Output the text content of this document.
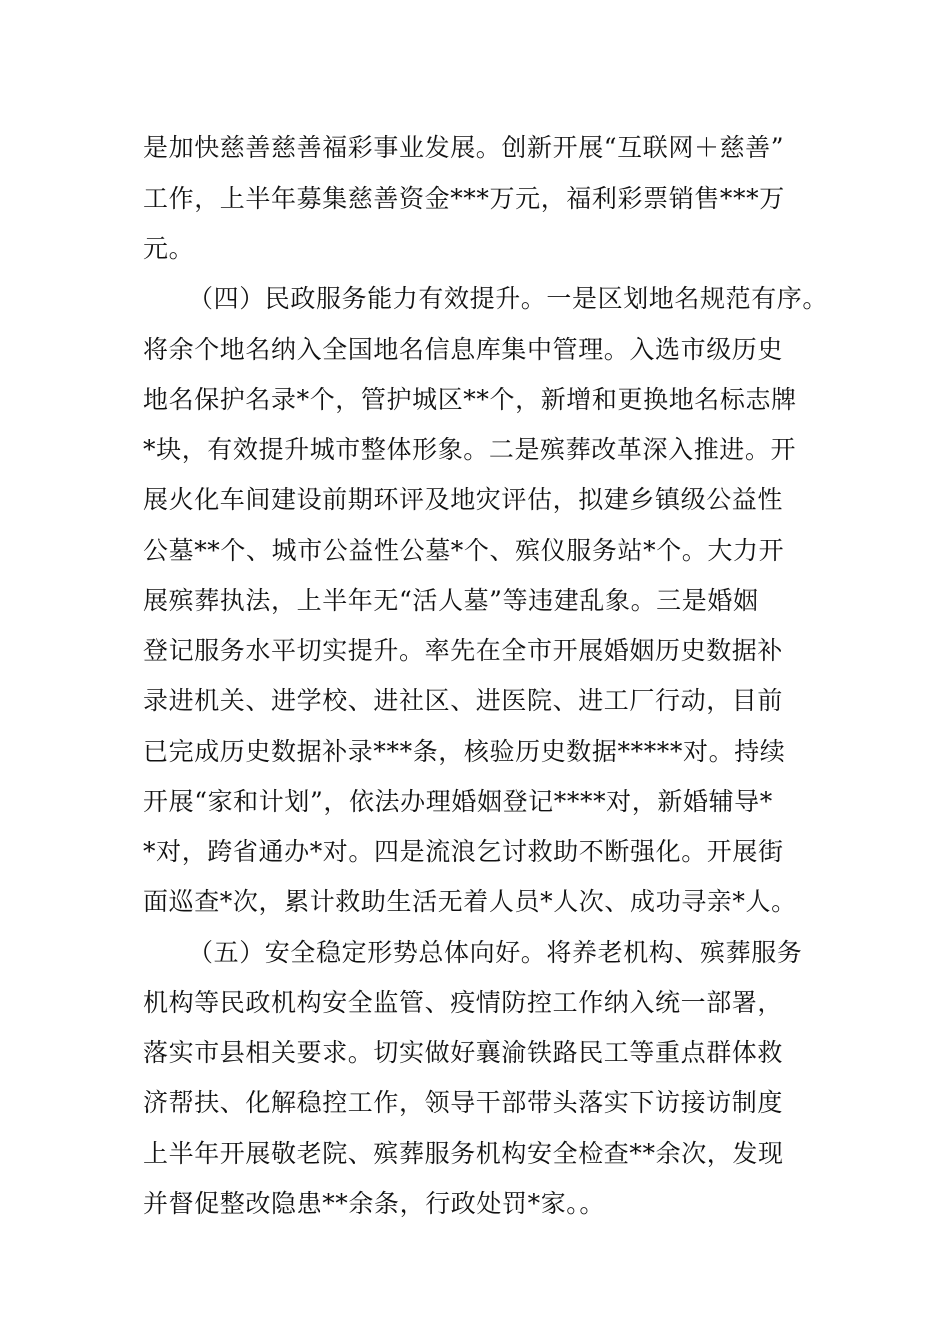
是加快慈善慈善福彩事业发展。创新开展“互联网＋慈善”
工作，上半年募集慈善资金***万元，福利彩票销售***万
元。
（四）民政服务能力有效提升。一是区划地名规范有序。
将余个地名纳入全国地名信息库集中管理。入选市级历史
地名保护名录*个，管护城区**个，新增和更换地名标志牌
*块，有效提升城市整体形象。二是殡葬改革深入推进。开
展火化车间建设前期环评及地灾评估，拟建乡镇级公益性
公墓**个、城市公益性公墓*个、殡仪服务站*个。大力开
展殡葬执法，上半年无“活人墓”等违建乱象。三是婚姻
登记服务水平切实提升。率先在全市开展婚姻历史数据补
录进机关、进学校、进社区、进医院、进工厂行动，目前
已完成历史数据补录***条，核验历史数据*****对。持续
开展“家和计划”，依法办理婚姻登记****对，新婚辅导*
*对，跨省通办*对。四是流浪乞讨救助不断强化。开展街
面巡查*次，累计救助生活无着人员*人次、成功寻亲*人。
（五）安全稳定形势总体向好。将养老机构、殡葬服务
机构等民政机构安全监管、疫情防控工作纳入统一部署，
落实市县相关要求。切实做好襄渝铁路民工等重点群体救
济帮扶、化解稳控工作，领导干部带头落实下访接访制度
上半年开展敬老院、殡葬服务机构安全检查**余次，发现
并督促整改隐患**余条，行政处罚*家。。
